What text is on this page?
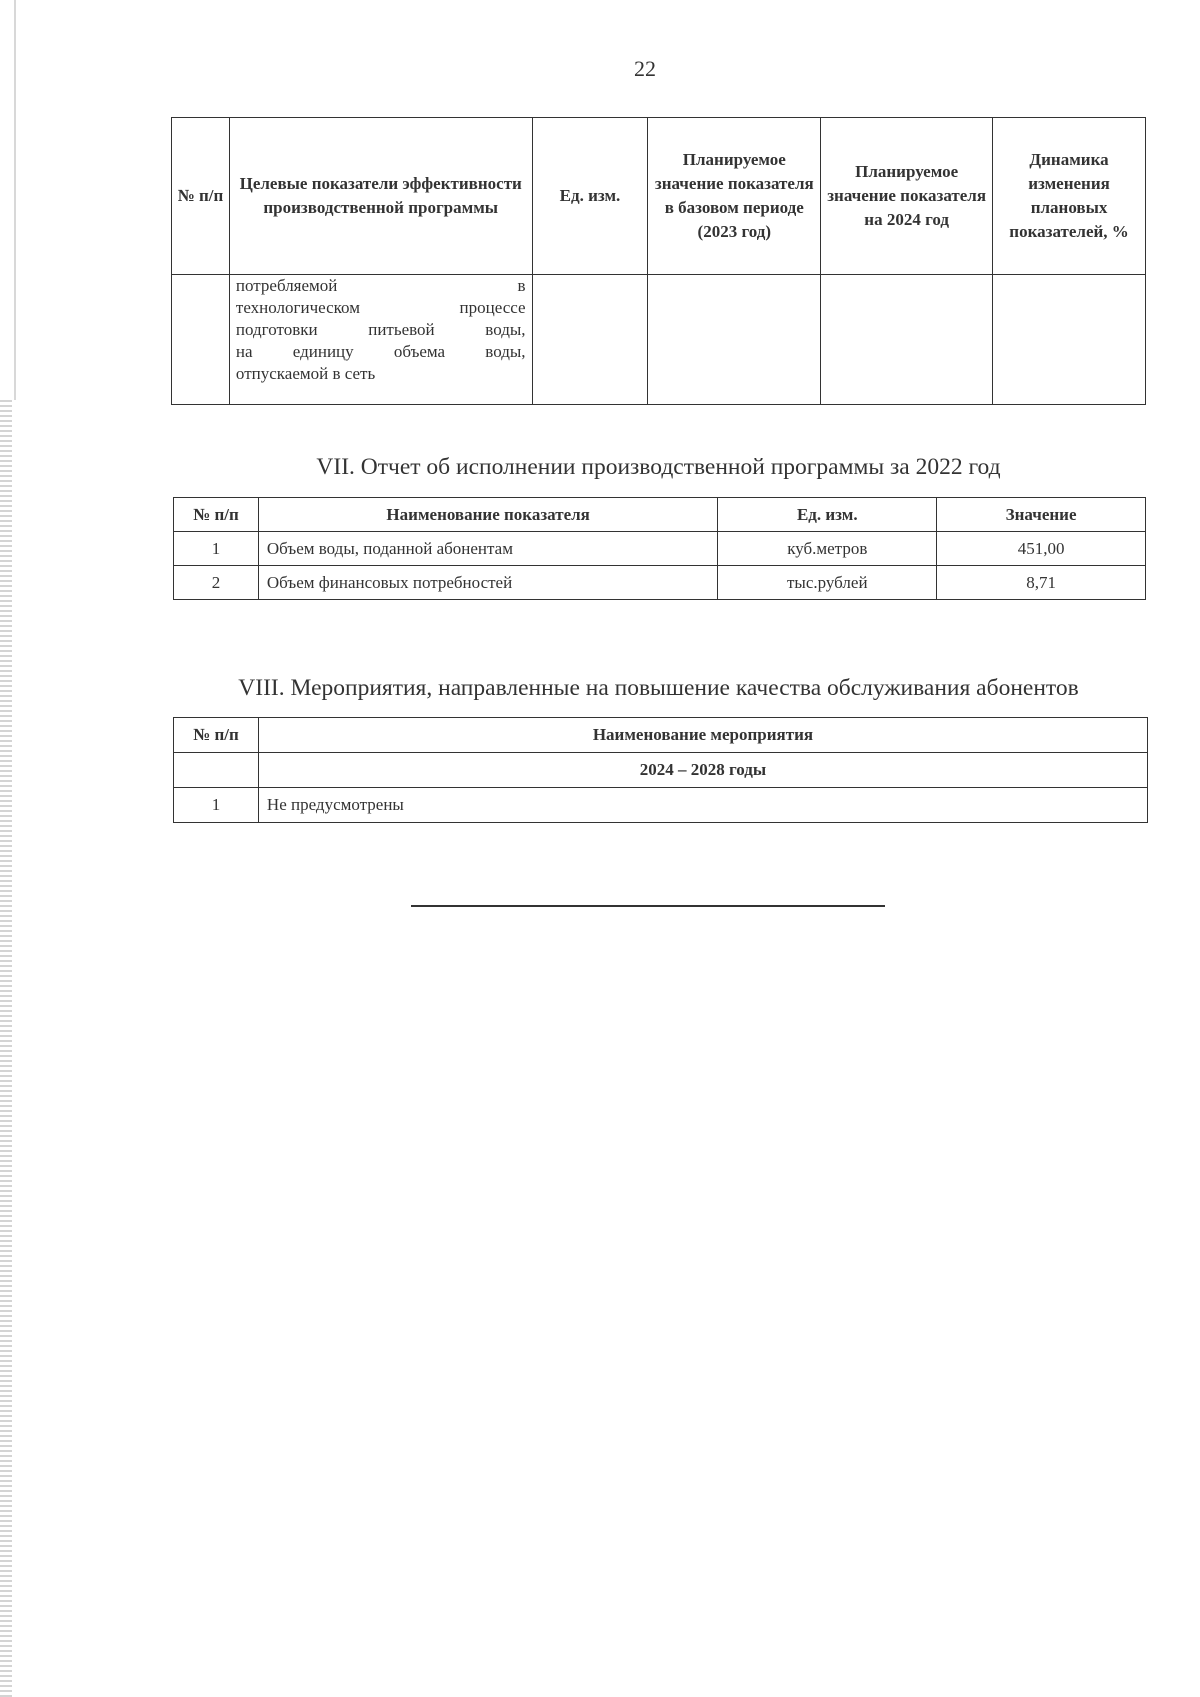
22
№ п/п	Целевые показатели эффективности производственной программы	Ед. изм.	Планируемое значение показателя в базовом периоде (2023 год)	Планируемое значение показателя на 2024 год	Динамика изменения плановых показателей, %

	потребляемой в
технологическом процессе
подготовки питьевой воды,
на единицу объема воды,
отпускаемой в сеть				

VII. Отчет об исполнении производственной программы за 2022 год
№ п/п	Наименование показателя	Ед. изм.	Значение
1	Объем воды, поданной абонентам	куб.метров	451,00
2	Объем финансовых потребностей	тыс.рублей	8,71
VIII. Мероприятия, направленные на повышение качества обслуживания абонентов
№ п/п	Наименование мероприятия
	2024 – 2028 годы
1	Не предусмотрены
